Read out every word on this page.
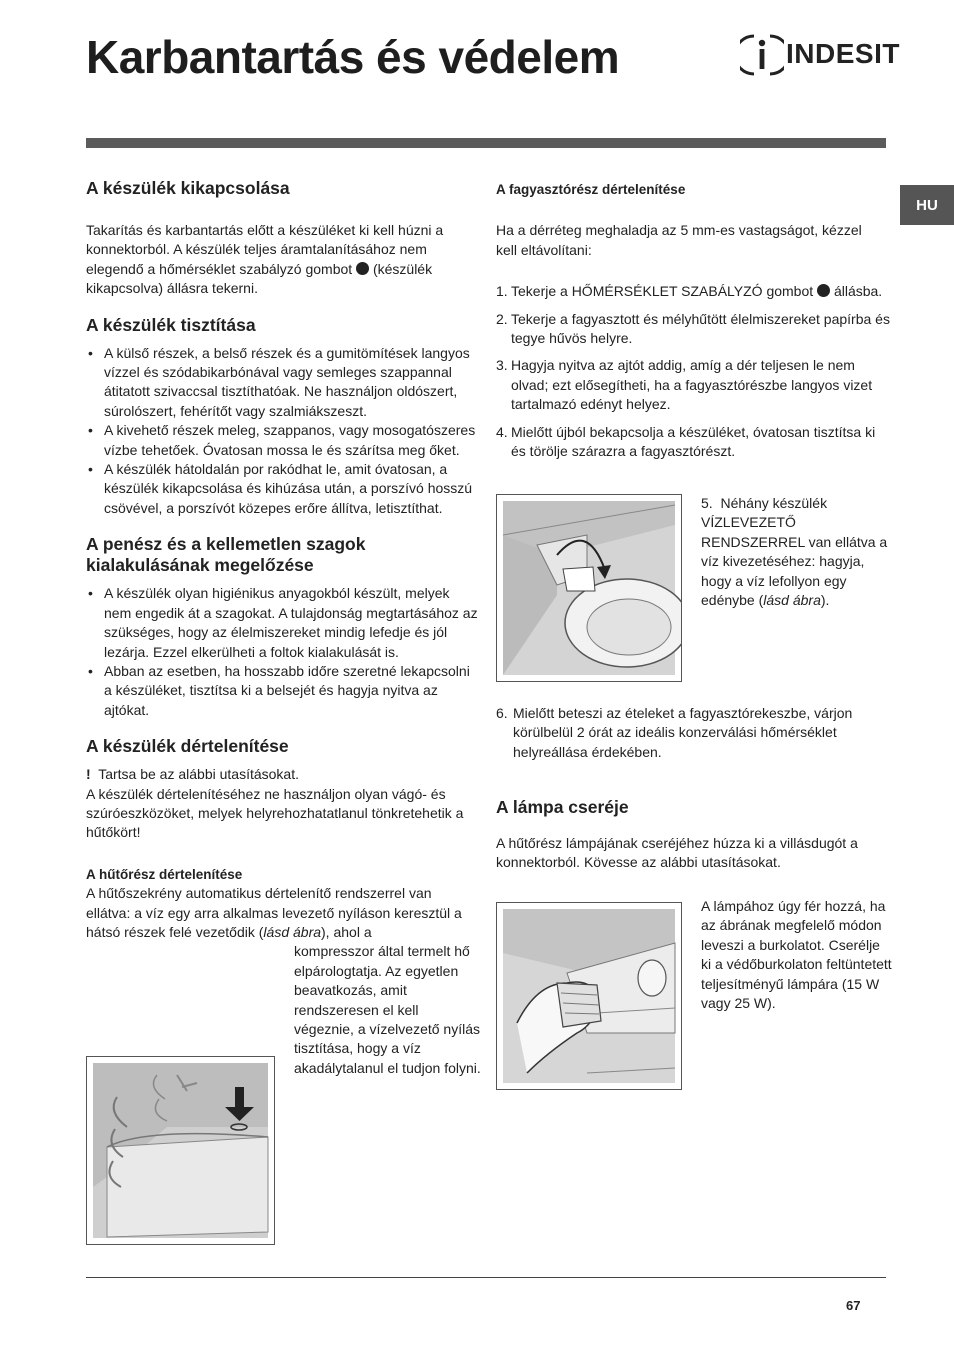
Karbantartás és védelem	INDESIT
HU
A készülék kikapcsolása

Takarítás és karbantartás előtt a készüléket ki kell húzni a konnektorból. A készülék teljes áramtalanításához nem elegendő a hőmérséklet szabályzó gombot (készülék kikapcsolva) állásra tekerni.

A készülék tisztítása
• A külső részek, a belső részek és a gumitömítések langyos vízzel és szódabikarbónával vagy semleges szappannal átitatott szivaccsal tisztíthatóak. Ne használjon oldószert, súrolószert, fehérítőt vagy szalmiákszeszt.
• A kivehető részek meleg, szappanos, vagy mosogatószeres vízbe tehetőek. Óvatosan mossa le és szárítsa meg őket.
• A készülék hátoldalán por rakódhat le, amit óvatosan, a készülék kikapcsolása és kihúzása után, a porszívó hosszú csövével, a porszívót közepes erőre állítva, letisztíthat.
A penész és a kellemetlen szagok
kialakulásának megelőzése
• A készülék olyan higiénikus anyagokból készült, melyek nem engedik át a szagokat. A tulajdonság megtartásához az szükséges, hogy az élelmiszereket mindig lefedje és jól lezárja. Ezzel elkerülheti a foltok kialakulását is.
• Abban az esetben, ha hosszabb időre szeretné lekapcsolni a készüléket, tisztítsa ki a belsejét és hagyja nyitva az ajtókat.
A készülék dértelenítése

! Tartsa be az alábbi utasításokat.

A készülék dértelenítéséhez ne használjon olyan vágó- és szúróeszközöket, melyek helyrehozhatatlanul tönkretehetik a hűtőkört!

A hűtőrész dértelenítése

A hűtőszekrény automatikus dértelenítő rendszerrel van ellátva: a víz egy arra alkalmas levezető nyíláson keresztül a hátsó részek felé vezetődik (lásd ábra), ahol a

kompresszor által termelt hő elpárologtatja. Az egyetlen beavatkozás, amit rendszeresen el kell végeznie, a vízelvezető nyílás tisztítása, hogy a víz akadálytalanul el tudjon folyni.

A fagyasztórész dértelenítése

Ha a dérréteg meghaladja az 5 mm-es vastagságot, kézzel kell eltávolítani:

1. Tekerje a HŐMÉRSÉKLET SZABÁLYZÓ gombot állásba.
2. Tekerje a fagyasztott és mélyhűtött élelmiszereket papírba és tegye hűvös helyre.
3. Hagyja nyitva az ajtót addig, amíg a dér teljesen le nem olvad; ezt elősegítheti, ha a fagyasztórészbe langyos vizet tartalmazó edényt helyez.
4. Mielőtt újból bekapcsolja a készüléket, óvatosan tisztítsa ki és törölje szárazra a fagyasztórészt.
5. Néhány készülék VÍZLEVEZETŐ RENDSZERREL van ellátva a víz kivezetéséhez: hagyja, hogy a víz lefollyon egy edénybe (lásd ábra).
6. Mielőtt beteszi az ételeket a fagyasztórekeszbe, várjon körülbelül 2 órát az ideális konzerválási hőmérséklet helyreállása érdekében.
A lámpa cseréje

A hűtőrész lámpájának cseréjéhez húzza ki a villásdugót a konnektorból. Kövesse az alábbi utasításokat.

A lámpához úgy fér hozzá, ha az ábrának megfelelő módon leveszi a burkolatot. Cserélje ki a védőburkolaton feltüntetett teljesítményű lámpára (15 W vagy 25 W).
67
